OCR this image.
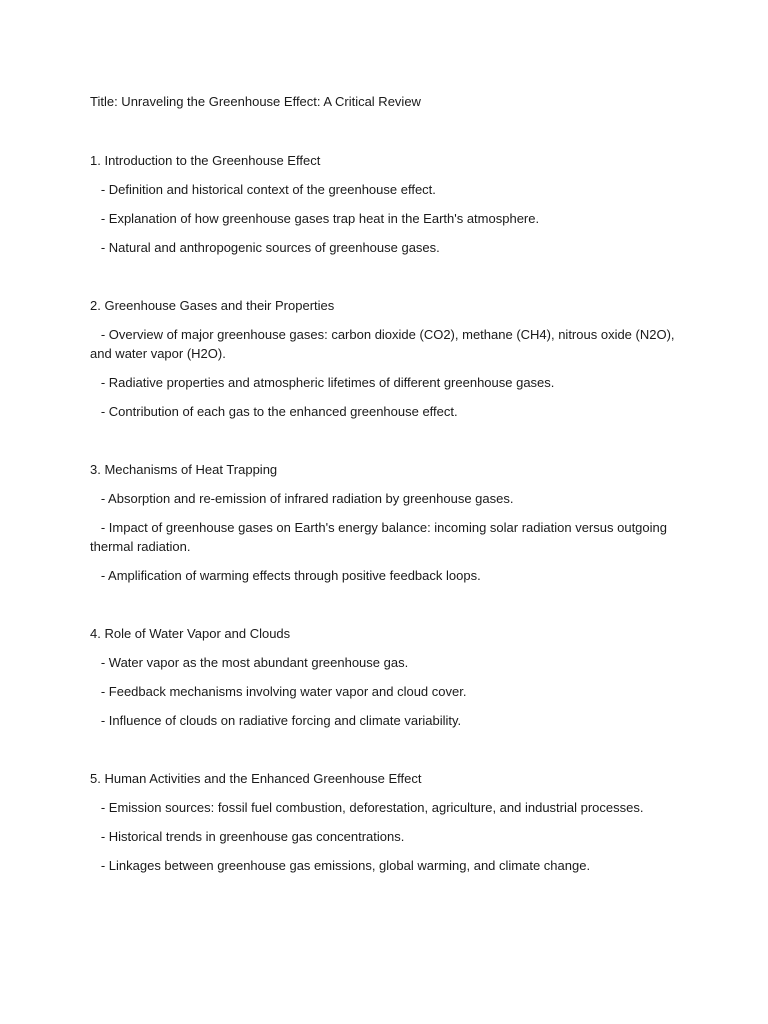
Title: Unraveling the Greenhouse Effect: A Critical Review

1. Introduction to the Greenhouse Effect

- Definition and historical context of the greenhouse effect.

- Explanation of how greenhouse gases trap heat in the Earth's atmosphere.

- Natural and anthropogenic sources of greenhouse gases.

2. Greenhouse Gases and their Properties

- Overview of major greenhouse gases: carbon dioxide (CO2), methane (CH4), nitrous oxide (N2O), and water vapor (H2O).

- Radiative properties and atmospheric lifetimes of different greenhouse gases.

- Contribution of each gas to the enhanced greenhouse effect.

3. Mechanisms of Heat Trapping

- Absorption and re-emission of infrared radiation by greenhouse gases.

- Impact of greenhouse gases on Earth's energy balance: incoming solar radiation versus outgoing thermal radiation.

- Amplification of warming effects through positive feedback loops.

4. Role of Water Vapor and Clouds

- Water vapor as the most abundant greenhouse gas.

- Feedback mechanisms involving water vapor and cloud cover.

- Influence of clouds on radiative forcing and climate variability.

5. Human Activities and the Enhanced Greenhouse Effect

- Emission sources: fossil fuel combustion, deforestation, agriculture, and industrial processes.

- Historical trends in greenhouse gas concentrations.

- Linkages between greenhouse gas emissions, global warming, and climate change.
